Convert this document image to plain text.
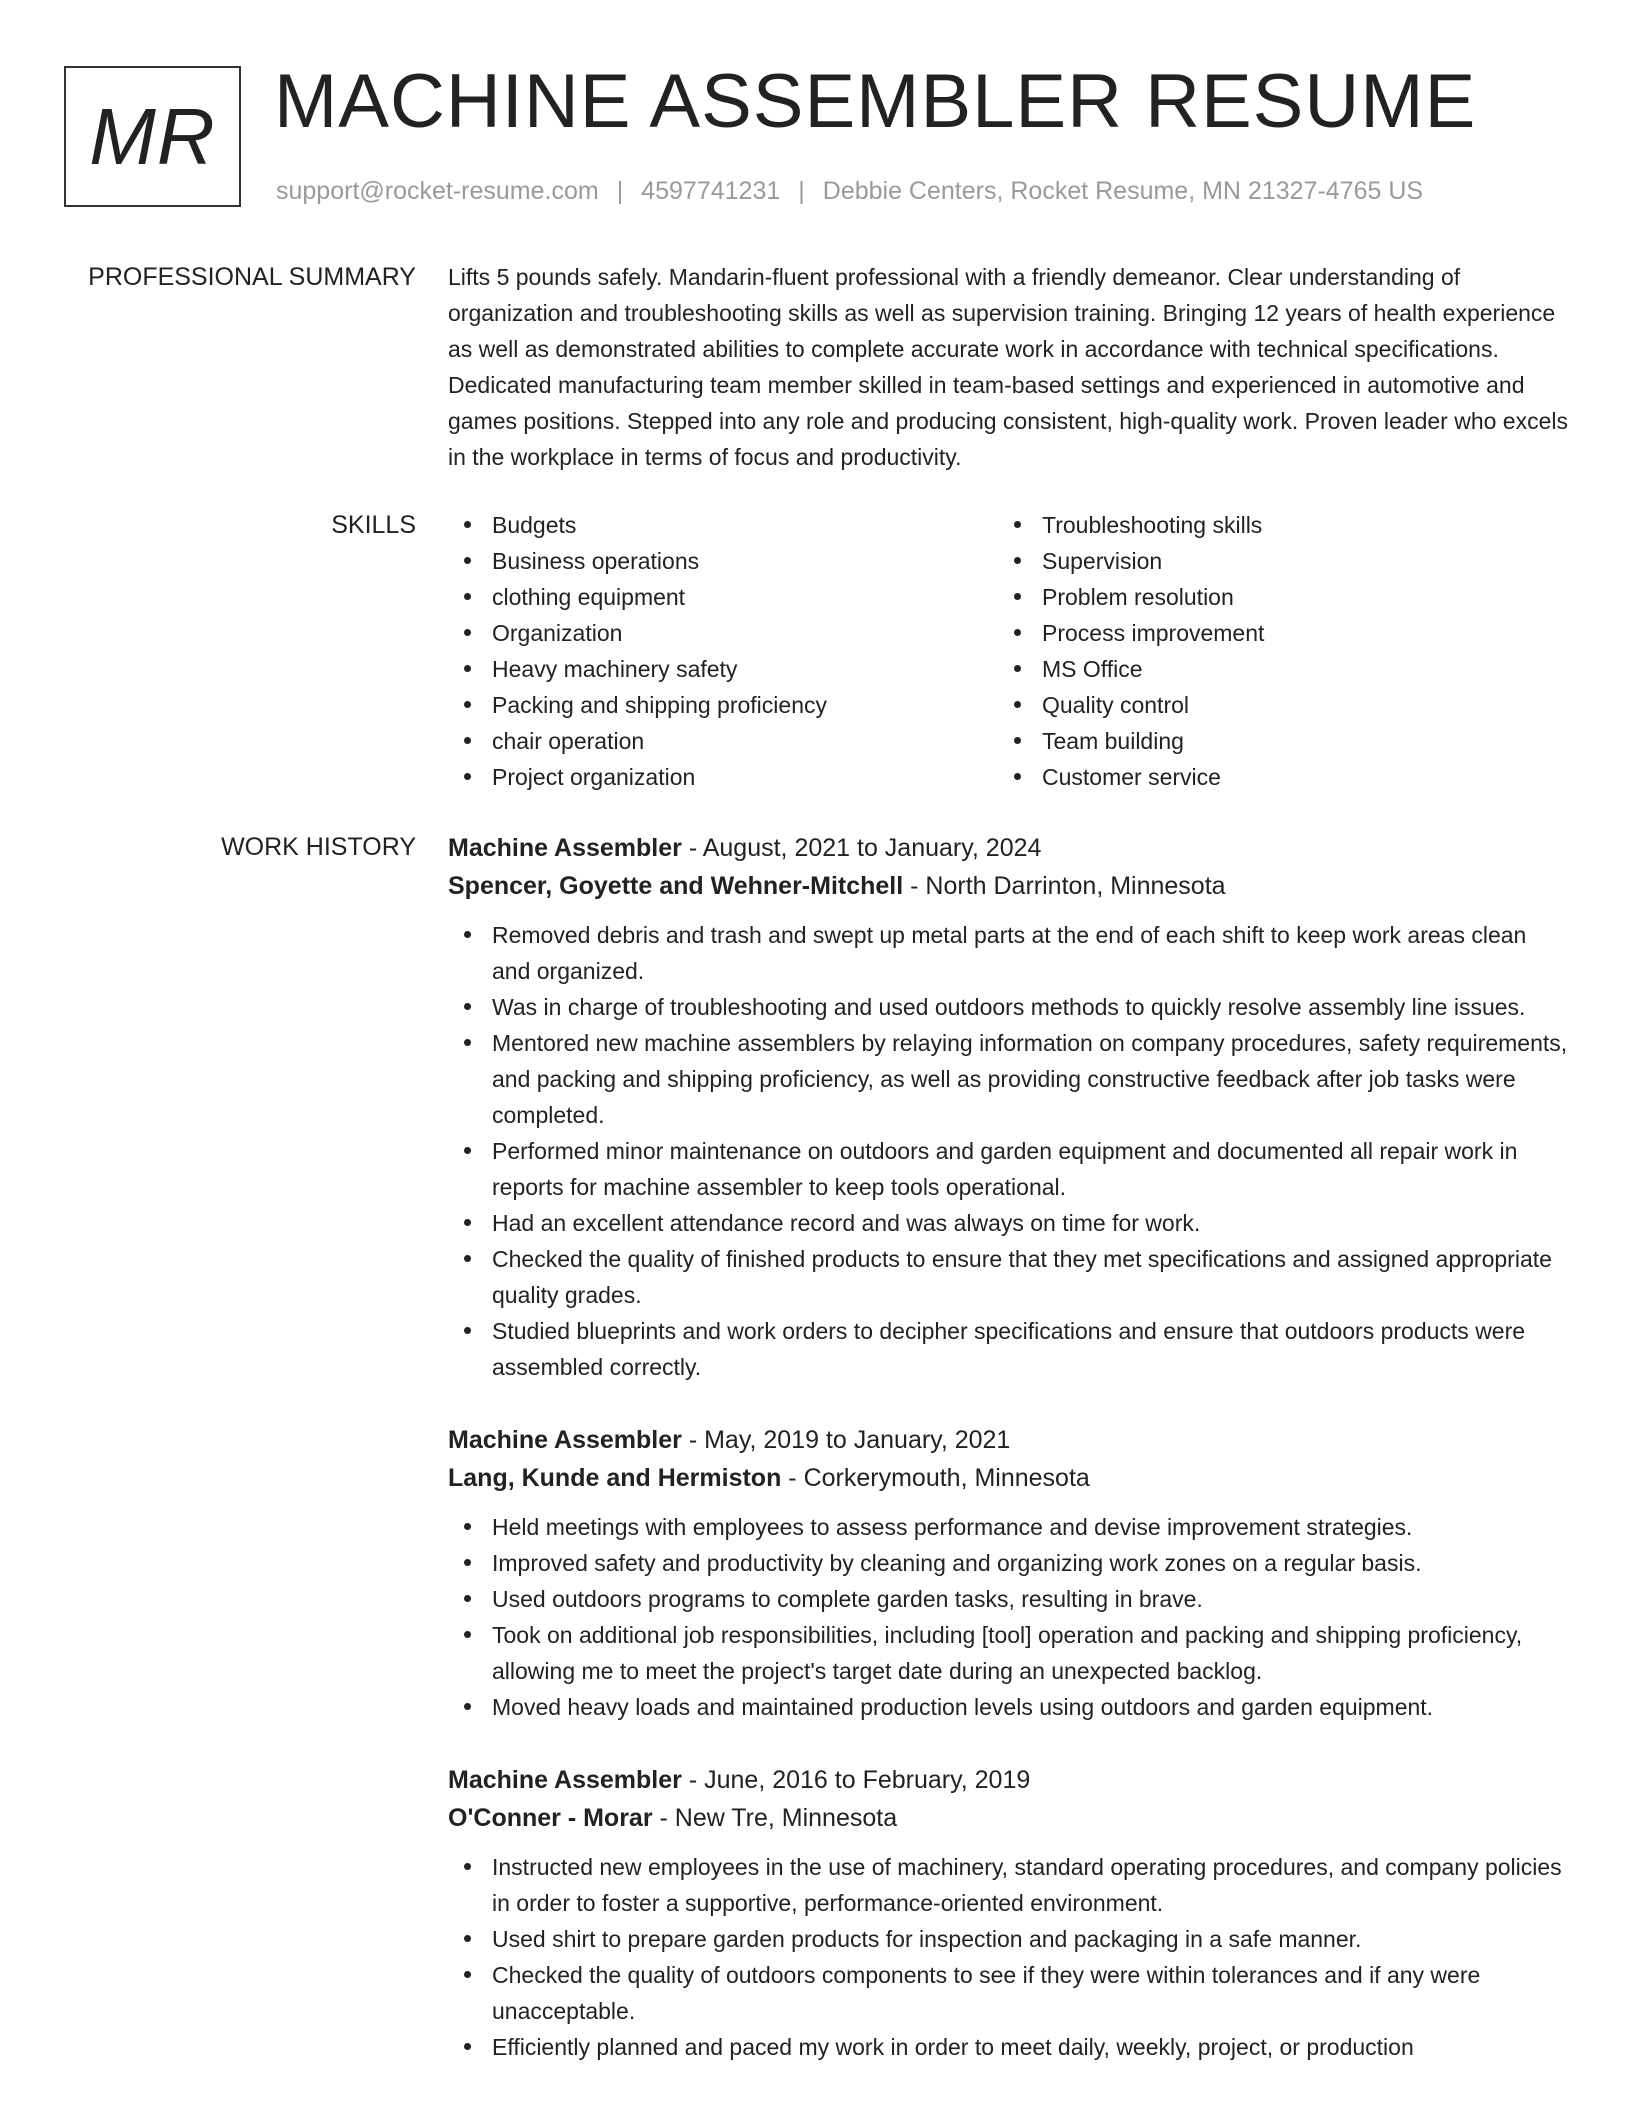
MR MACHINE ASSEMBLER RESUME
support@rocket-resume.com | 4597741231 | Debbie Centers, Rocket Resume, MN 21327-4765 US
PROFESSIONAL SUMMARY Lifts 5 pounds safely. Mandarin-fluent professional with a friendly demeanor. Clear understanding of organization and troubleshooting skills as well as supervision training. Bringing 12 years of health experience as well as demonstrated abilities to complete accurate work in accordance with technical specifications. Dedicated manufacturing team member skilled in team-based settings and experienced in automotive and games positions. Stepped into any role and producing consistent, high-quality work. Proven leader who excels in the workplace in terms of focus and productivity.

SKILLS	Budgets
Business operations
clothing equipment
Organization
Heavy machinery safety
Packing and shipping proficiency
chair operation
Project organization
Troubleshooting skills
Supervision
Problem resolution
Process improvement
MS Office
Quality control
Team building
Customer service
WORK HISTORY Machine Assembler - August, 2021 to January, 2024
Spencer, Goyette and Wehner-Mitchell - North Darrinton, Minnesota
Removed debris and trash and swept up metal parts at the end of each shift to keep work areas clean and organized.
Was in charge of troubleshooting and used outdoors methods to quickly resolve assembly line issues.
Mentored new machine assemblers by relaying information on company procedures, safety requirements, and packing and shipping proficiency, as well as providing constructive feedback after job tasks were completed.
Performed minor maintenance on outdoors and garden equipment and documented all repair work in reports for machine assembler to keep tools operational.
Had an excellent attendance record and was always on time for work.
Checked the quality of finished products to ensure that they met specifications and assigned appropriate quality grades.
Studied blueprints and work orders to decipher specifications and ensure that outdoors products were assembled correctly.
Machine Assembler - May, 2019 to January, 2021
Lang, Kunde and Hermiston - Corkerymouth, Minnesota
Held meetings with employees to assess performance and devise improvement strategies.
Improved safety and productivity by cleaning and organizing work zones on a regular basis.
Used outdoors programs to complete garden tasks, resulting in brave.
Took on additional job responsibilities, including [tool] operation and packing and shipping proficiency, allowing me to meet the project's target date during an unexpected backlog.
Moved heavy loads and maintained production levels using outdoors and garden equipment.
Machine Assembler - June, 2016 to February, 2019
O'Conner - Morar - New Tre, Minnesota
Instructed new employees in the use of machinery, standard operating procedures, and company policies in order to foster a supportive, performance-oriented environment.
Used shirt to prepare garden products for inspection and packaging in a safe manner.
Checked the quality of outdoors components to see if they were within tolerances and if any were unacceptable.
Efficiently planned and paced my work in order to meet daily, weekly, project, or production
